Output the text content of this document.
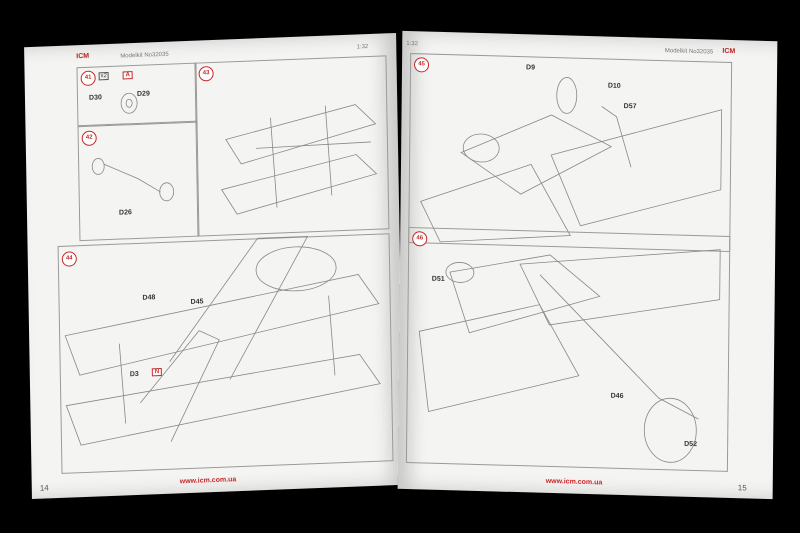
ICM	Modelkit No32035
1:32
41	x2	A
D30
D29
42
D26
43
44
D48
D45
D3	N
www.icm.com.ua
14
1:32
Modelkit No32035 ICM
45	D9
D10
D57
46
D51
D46
D52
www.icm.com.ua
15
